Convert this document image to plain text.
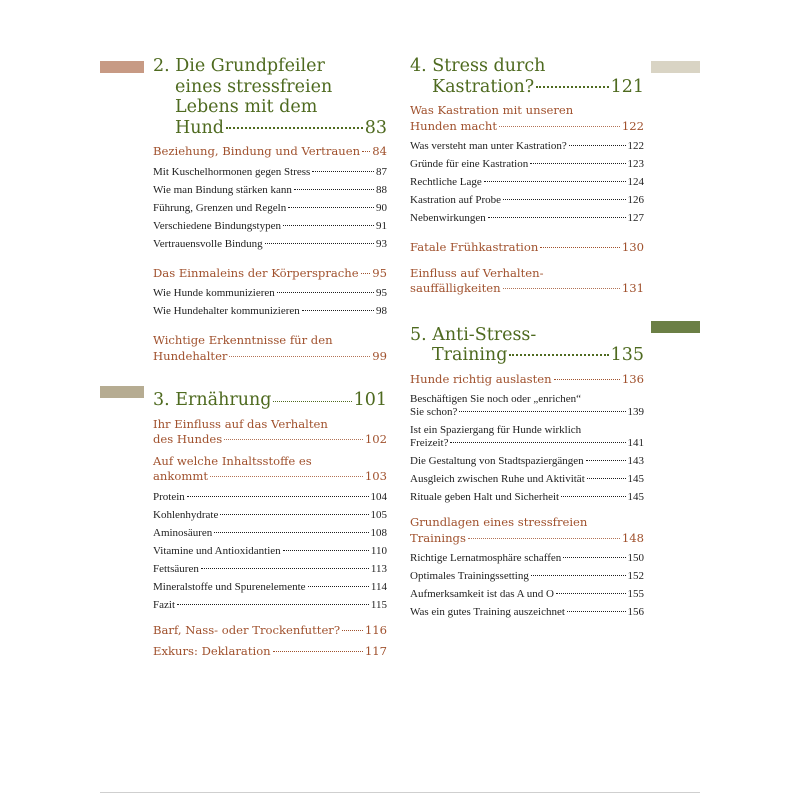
2. Die Grundpfeiler
eines stressfreien
Lebens mit dem
Hund	83
Beziehung, Bindung und Vertrauen 84
Mit Kuschelhormonen gegen Stress	87
Wie man Bindung stärken kann	88
Führung, Grenzen und Regeln	90
Verschiedene Bindungstypen	91
Vertrauensvolle Bindung	93
Das Einmaleins der Körpersprache 95
Wie Hunde kommunizieren	95
Wie Hundehalter kommunizieren	98
Wichtige Erkenntnisse für den
Hundehalter	99
3. Ernährung	101
Ihr Einfluss auf das Verhalten
des Hundes	102
Auf welche Inhaltsstoffe es
ankommt	103
Protein	104
Kohlenhydrate	105
Aminosäuren	108
Vitamine und Antioxidantien	110
Fettsäuren	113
Mineralstoffe und Spurenelemente	114
Fazit	115
Barf, Nass- oder Trockenfutter? 116
Exkurs: Deklaration	117
4. Stress durch
Kastration?	121
Was Kastration mit unseren
Hunden macht	122
Was versteht man unter Kastration?	122
Gründe für eine Kastration	123
Rechtliche Lage	124
Kastration auf Probe	126
Nebenwirkungen	127
Fatale Frühkastration	130
Einfluss auf Verhalten-
sauffälligkeiten	131
5. Anti-Stress-
Training	135
Hunde richtig auslasten	136
Beschäftigen Sie noch oder „enrichen“
Sie schon?	139
Ist ein Spaziergang für Hunde wirklich
Freizeit?	141
Die Gestaltung von Stadtspaziergängen	143
Ausgleich zwischen Ruhe und Aktivität	145
Rituale geben Halt und Sicherheit	145
Grundlagen eines stressfreien
Trainings	148
Richtige Lernatmosphäre schaffen	150
Optimales Trainingssetting	152
Aufmerksamkeit ist das A und O	155
Was ein gutes Training auszeichnet	156
